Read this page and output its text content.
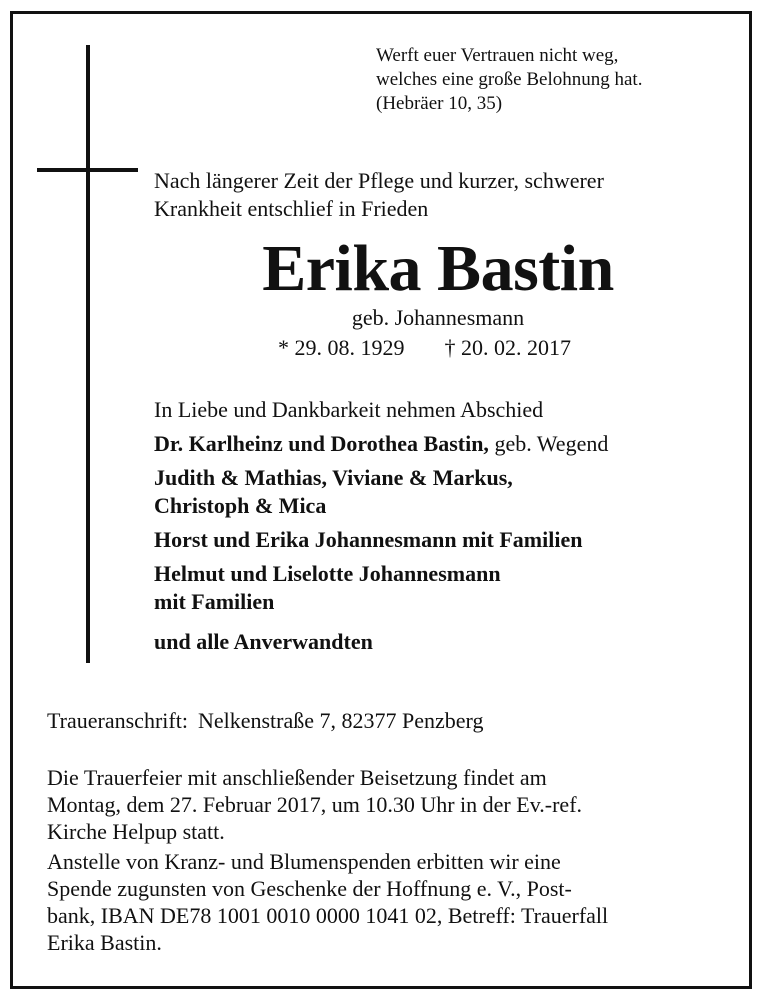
Werft euer Vertrauen nicht weg,
welches eine große Belohnung hat.
(Hebräer 10, 35)
Nach längerer Zeit der Pflege und kurzer, schwerer
Krankheit entschlief in Frieden
Erika Bastin
geb. Johannesmann
* 29. 08. 1929 † 20. 02. 2017
In Liebe und Dankbarkeit nehmen Abschied
Dr. Karlheinz und Dorothea Bastin, geb. Wegend
Judith & Mathias, Viviane & Markus,
Christoph & Mica
Horst und Erika Johannesmann mit Familien
Helmut und Liselotte Johannesmann
mit Familien
und alle Anverwandten
Traueranschrift: Nelkenstraße 7, 82377 Penzberg
Die Trauerfeier mit anschließender Beisetzung findet am
Montag, dem 27. Februar 2017, um 10.30 Uhr in der Ev.-ref.
Kirche Helpup statt.
Anstelle von Kranz- und Blumenspenden erbitten wir eine
Spende zugunsten von Geschenke der Hoffnung e. V., Post-
bank, IBAN DE78 1001 0010 0000 1041 02, Betreff: Trauerfall
Erika Bastin.
